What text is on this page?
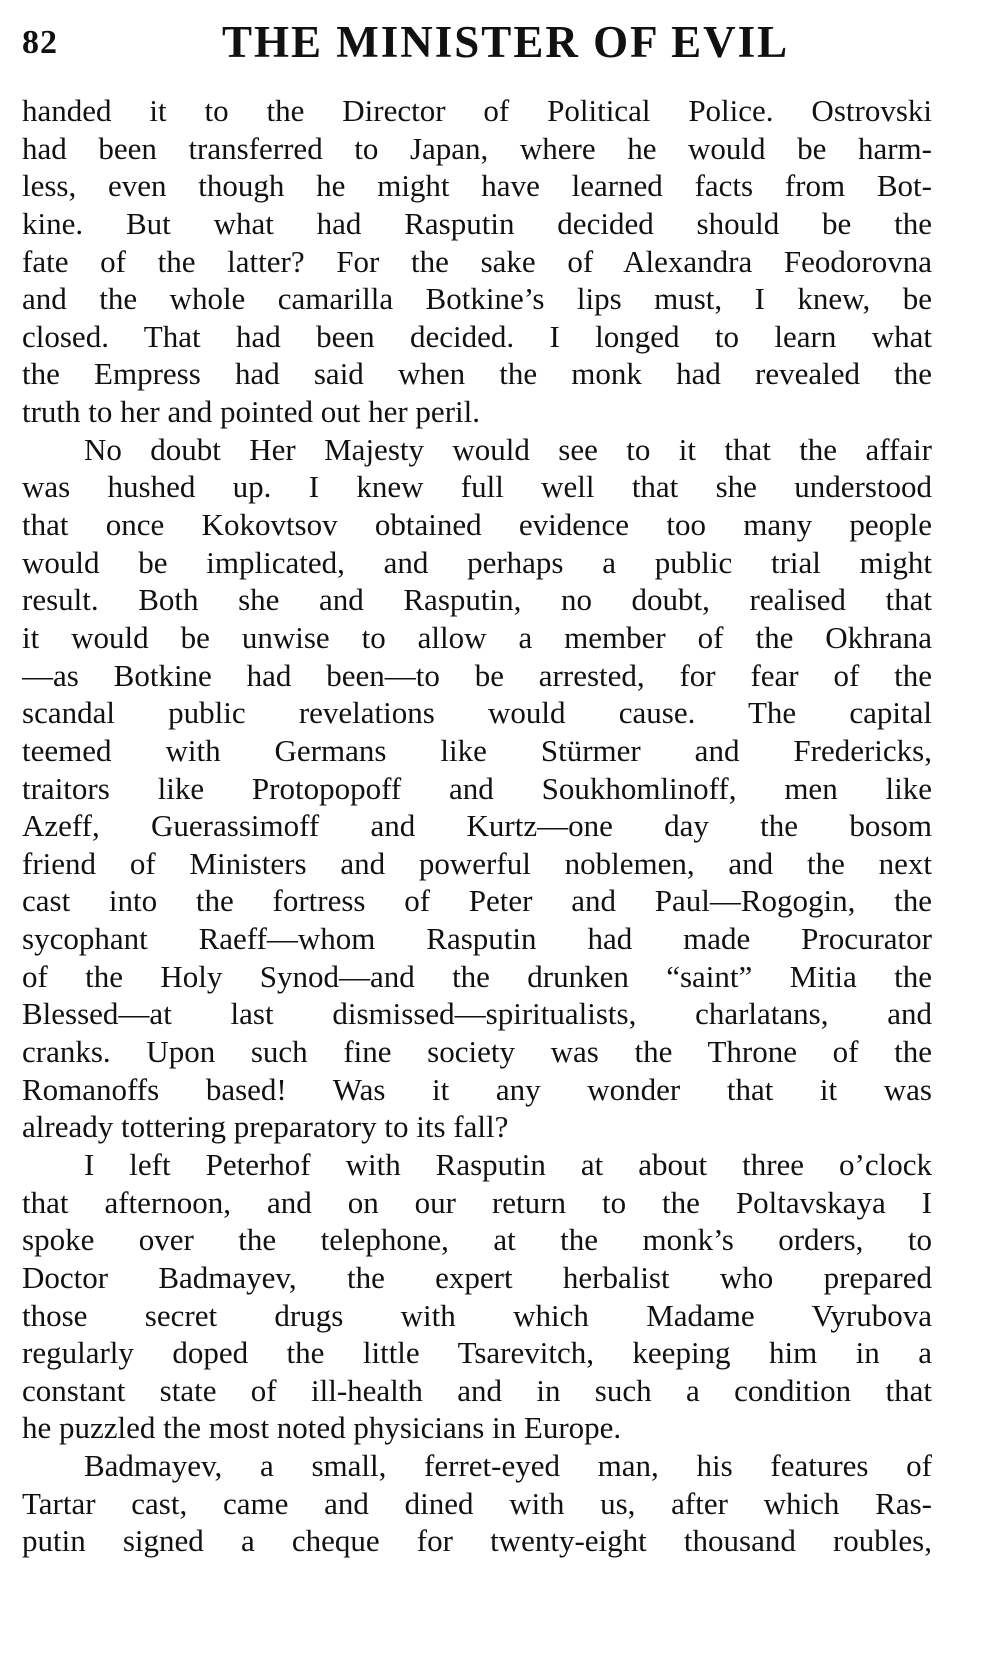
82	THE MINISTER OF EVIL
handed it to the Director of Political Police. Ostrovski
had been transferred to Japan, where he would be harm-
less, even though he might have learned facts from Bot-
kine. But what had Rasputin decided should be the
fate of the latter? For the sake of Alexandra Feodorovna
and the whole camarilla Botkine’s lips must, I knew, be
closed. That had been decided. I longed to learn what
the Empress had said when the monk had revealed the
truth to her and pointed out her peril.
No doubt Her Majesty would see to it that the affair
was hushed up. I knew full well that she understood
that once Kokovtsov obtained evidence too many people
would be implicated, and perhaps a public trial might
result. Both she and Rasputin, no doubt, realised that
it would be unwise to allow a member of the Okhrana
—as Botkine had been—to be arrested, for fear of the
scandal public revelations would cause. The capital
teemed with Germans like Stürmer and Fredericks,
traitors like Protopopoff and Soukhomlinoff, men like
Azeff, Guerassimoff and Kurtz—one day the bosom
friend of Ministers and powerful noblemen, and the next
cast into the fortress of Peter and Paul—Rogogin, the
sycophant Raeff—whom Rasputin had made Procurator
of the Holy Synod—and the drunken “saint” Mitia the
Blessed—at last dismissed—spiritualists, charlatans, and
cranks. Upon such fine society was the Throne of the
Romanoffs based! Was it any wonder that it was
already tottering preparatory to its fall?
I left Peterhof with Rasputin at about three o’clock
that afternoon, and on our return to the Poltavskaya I
spoke over the telephone, at the monk’s orders, to
Doctor Badmayev, the expert herbalist who prepared
those secret drugs with which Madame Vyrubova
regularly doped the little Tsarevitch, keeping him in a
constant state of ill-health and in such a condition that
he puzzled the most noted physicians in Europe.
Badmayev, a small, ferret-eyed man, his features of
Tartar cast, came and dined with us, after which Ras-
putin signed a cheque for twenty-eight thousand roubles,
